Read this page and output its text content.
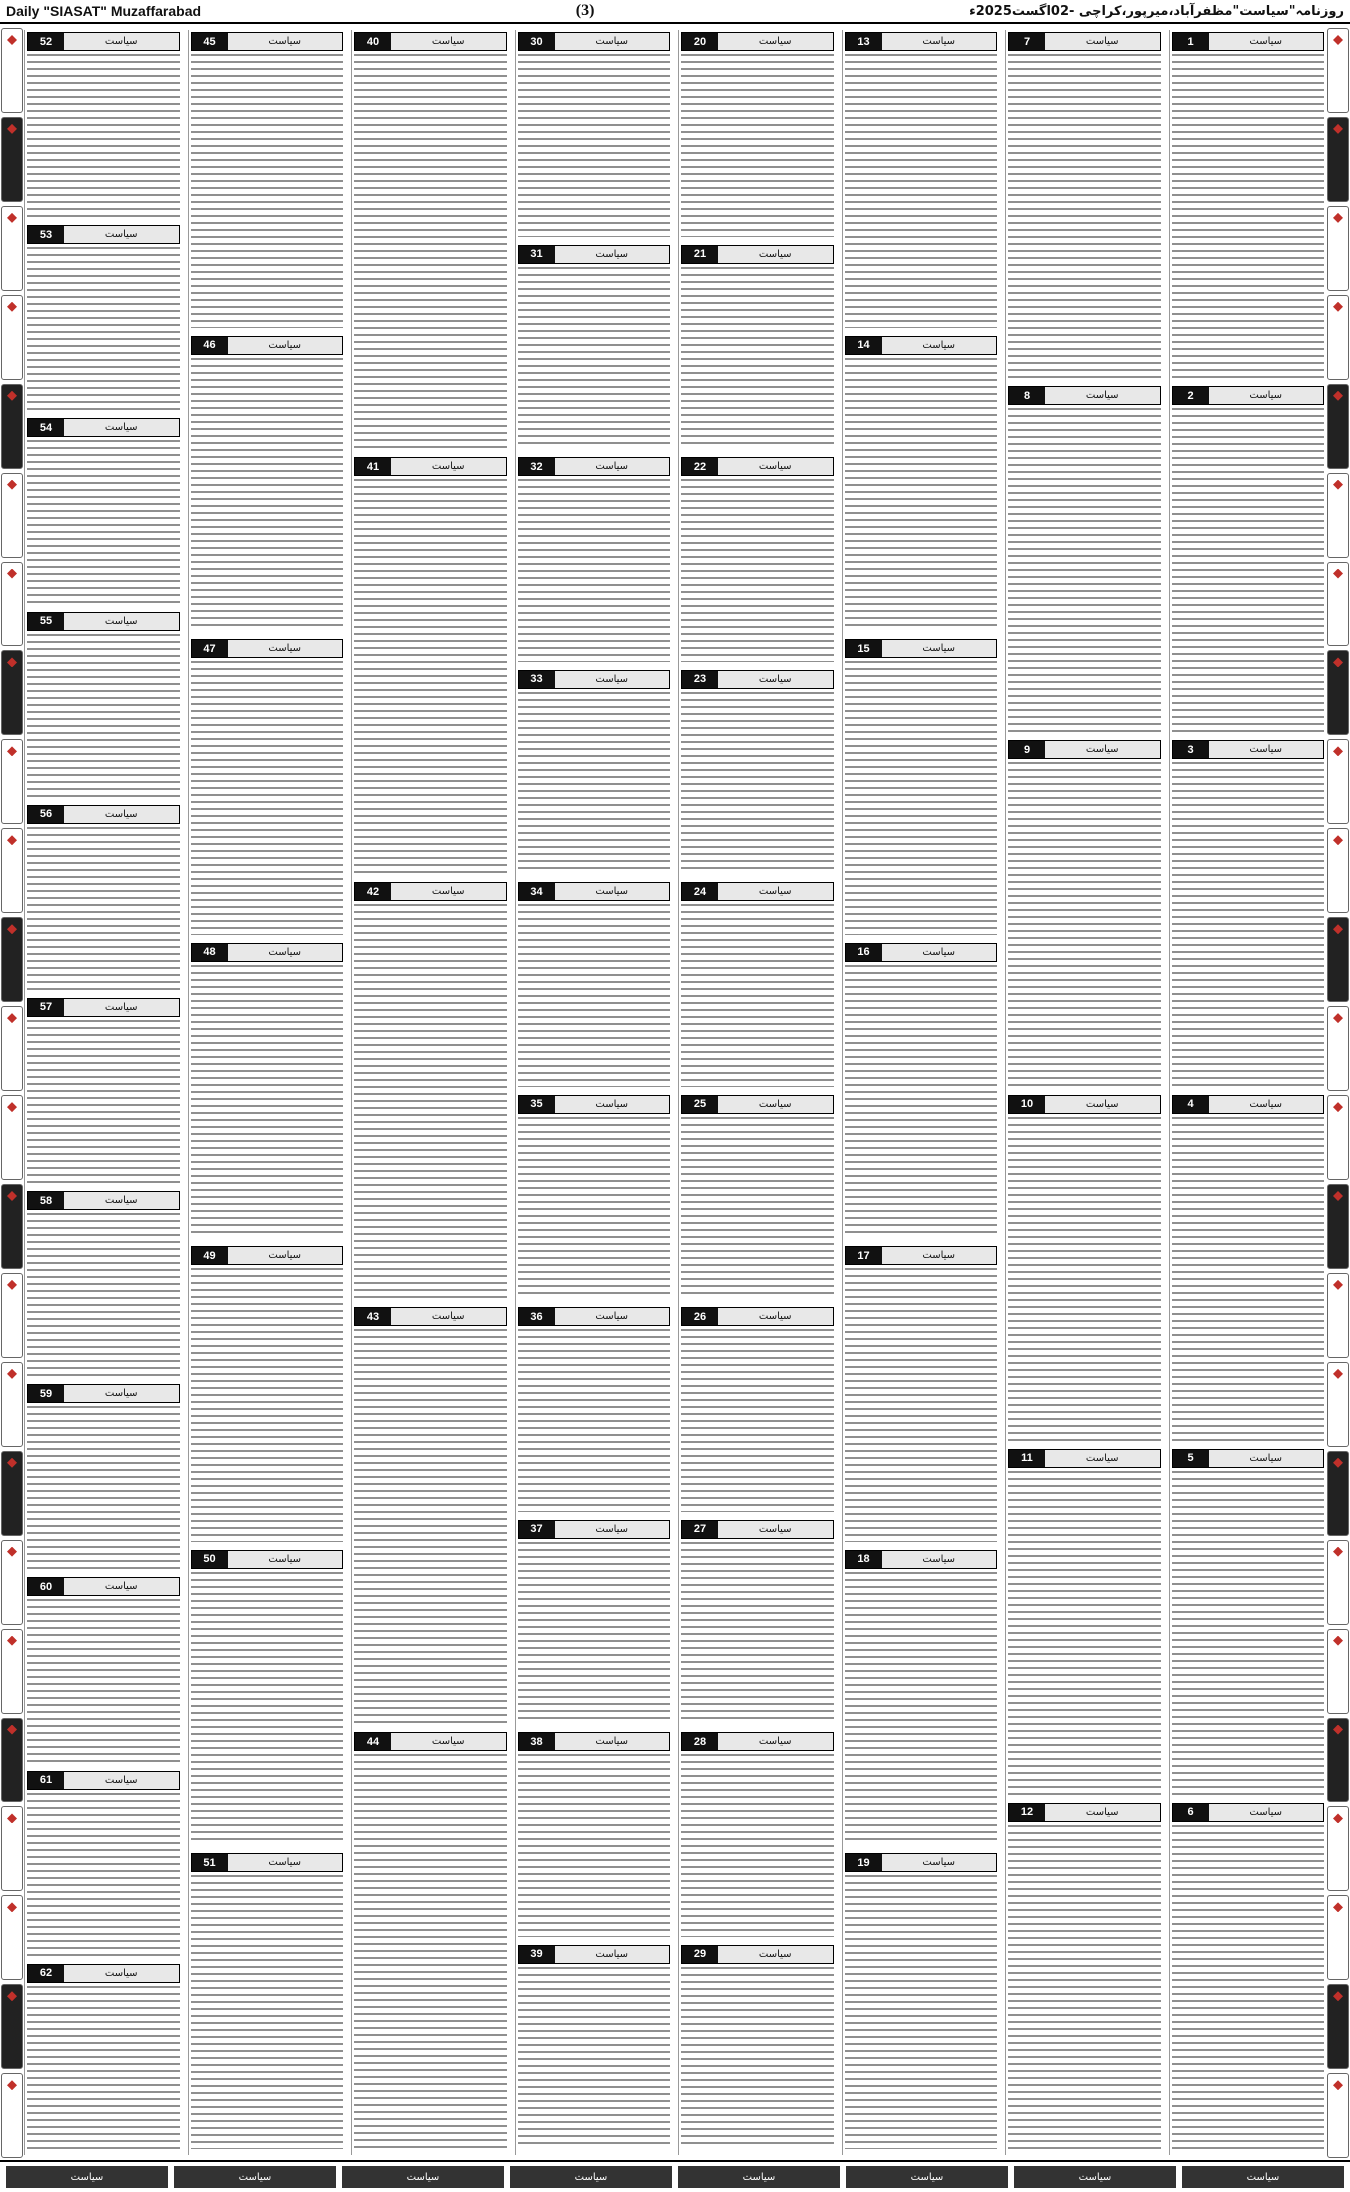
Daily "SIASAT" Muzaffarabad	(3)	روزنامہ"سیاست"مظفرآباد،میرپور،کراچی -02اگست2025ء
1	سیاست
2	سیاست
3	سیاست
4	سیاست
5	سیاست
6	سیاست
7	سیاست
8	سیاست
9	سیاست
10	سیاست
11	سیاست
12	سیاست
13	سیاست
14	سیاست
15	سیاست
16	سیاست
17	سیاست
18	سیاست
19	سیاست
20	سیاست
21	سیاست
22	سیاست
23	سیاست
24	سیاست
25	سیاست
26	سیاست
27	سیاست
28	سیاست
29	سیاست
30	سیاست
31	سیاست
32	سیاست
33	سیاست
34	سیاست
35	سیاست
36	سیاست
37	سیاست
38	سیاست
39	سیاست
40	سیاست
41	سیاست
42	سیاست
43	سیاست
44	سیاست
45	سیاست
46	سیاست
47	سیاست
48	سیاست
49	سیاست
50	سیاست
51	سیاست
52	سیاست
53	سیاست
54	سیاست
55	سیاست
56	سیاست
57	سیاست
58	سیاست
59	سیاست
60	سیاست
61	سیاست
62	سیاست
سیاست
سیاست
سیاست
سیاست
سیاست
سیاست
سیاست
سیاست
